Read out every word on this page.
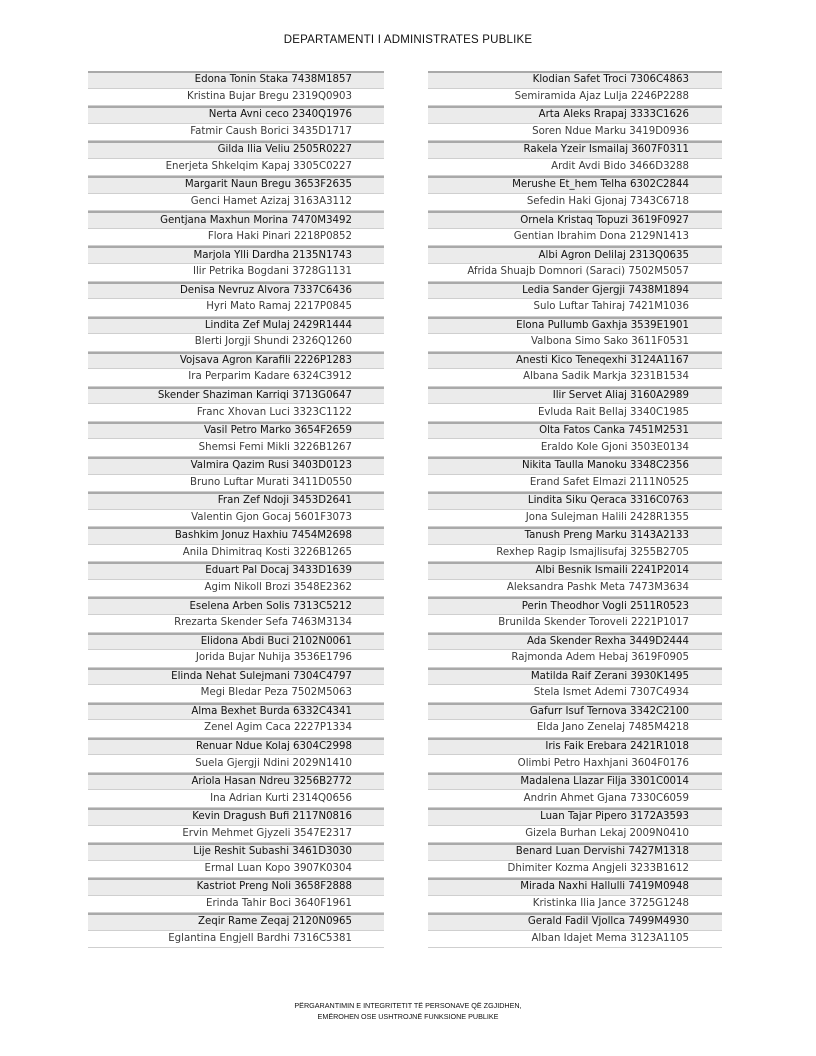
DEPARTAMENTI I ADMINISTRATES PUBLIKE
Edona Tonin Staka 7438M1857
Kristina Bujar Bregu 2319Q0903
Nerta Avni ceco 2340Q1976
Fatmir Caush Borici 3435D1717
Gilda Ilia Veliu 2505R0227
Enerjeta Shkelqim Kapaj 3305C0227
Margarit Naun Bregu 3653F2635
Genci Hamet Azizaj 3163A3112
Gentjana Maxhun Morina 7470M3492
Flora Haki Pinari 2218P0852
Marjola Ylli Dardha 2135N1743
Ilir Petrika Bogdani 3728G1131
Denisa Nevruz Alvora 7337C6436
Hyri Mato Ramaj 2217P0845
Lindita Zef Mulaj 2429R1444
Blerti Jorgji Shundi 2326Q1260
Vojsava Agron Karafili 2226P1283
Ira Perparim Kadare 6324C3912
Skender Shaziman Karriqi 3713G0647
Franc Xhovan Luci 3323C1122
Vasil Petro Marko 3654F2659
Shemsi Femi Mikli 3226B1267
Valmira Qazim Rusi 3403D0123
Bruno Luftar Murati 3411D0550
Fran Zef Ndoji 3453D2641
Valentin Gjon Gocaj 5601F3073
Bashkim Jonuz Haxhiu 7454M2698
Anila Dhimitraq Kosti 3226B1265
Eduart Pal Docaj 3433D1639
Agim Nikoll Brozi 3548E2362
Eselena Arben Solis 7313C5212
Rrezarta Skender Sefa 7463M3134
Elidona Abdi Buci 2102N0061
Jorida Bujar Nuhija 3536E1796
Elinda Nehat Sulejmani 7304C4797
Megi Bledar Peza 7502M5063
Alma Bexhet Burda 6332C4341
Zenel Agim Caca 2227P1334
Renuar Ndue Kolaj 6304C2998
Suela Gjergji Ndini 2029N1410
Ariola Hasan Ndreu 3256B2772
Ina Adrian Kurti 2314Q0656
Kevin Dragush Bufi 2117N0816
Ervin Mehmet Gjyzeli 3547E2317
Lije Reshit Subashi 3461D3030
Ermal Luan Kopo 3907K0304
Kastriot Preng Noli 3658F2888
Erinda Tahir Boci 3640F1961
Zeqir Rame Zeqaj 2120N0965
Eglantina Engjell Bardhi 7316C5381
Klodian Safet Troci 7306C4863
Semiramida Ajaz Lulja 2246P2288
Arta Aleks Rrapaj 3333C1626
Soren Ndue Marku 3419D0936
Rakela Yzeir Ismailaj 3607F0311
Ardit Avdi Bido 3466D3288
Merushe Et_hem Telha 6302C2844
Sefedin Haki Gjonaj 7343C6718
Ornela Kristaq Topuzi 3619F0927
Gentian Ibrahim Dona 2129N1413
Albi Agron Delilaj 2313Q0635
Afrida Shuajb Domnori (Saraci) 7502M5057
Ledia Sander Gjergji 7438M1894
Sulo Luftar Tahiraj 7421M1036
Elona Pullumb Gaxhja 3539E1901
Valbona Simo Sako 3611F0531
Anesti Kico Teneqexhi 3124A1167
Albana Sadik Markja 3231B1534
Ilir Servet Aliaj 3160A2989
Evluda Rait Bellaj 3340C1985
Olta Fatos Canka 7451M2531
Eraldo Kole Gjoni 3503E0134
Nikita Taulla Manoku 3348C2356
Erand Safet Elmazi 2111N0525
Lindita Siku Qeraca 3316C0763
Jona Sulejman Halili 2428R1355
Tanush Preng Marku 3143A2133
Rexhep Ragip Ismajlisufaj 3255B2705
Albi Besnik Ismaili 2241P2014
Aleksandra Pashk Meta 7473M3634
Perin Theodhor Vogli 2511R0523
Brunilda Skender Toroveli 2221P1017
Ada Skender Rexha 3449D2444
Rajmonda Adem Hebaj 3619F0905
Matilda Raif Zerani 3930K1495
Stela Ismet Ademi 7307C4934
Gafurr Isuf Ternova 3342C2100
Elda Jano Zenelaj 7485M4218
Iris Faik Erebara 2421R1018
Olimbi Petro Haxhjani 3604F0176
Madalena Llazar Filja 3301C0014
Andrin Ahmet Gjana 7330C6059
Luan Tajar Pipero 3172A3593
Gizela Burhan Lekaj 2009N0410
Benard Luan Dervishi 7427M1318
Dhimiter Kozma Angjeli 3233B1612
Mirada Naxhi Hallulli 7419M0948
Kristinka Ilia Jance 3725G1248
Gerald Fadil Vjollca 7499M4930
Alban Idajet Mema 3123A1105
PËRGARANTIMIN E INTEGRITETIT TË PERSONAVE QË ZGJIDHEN,
EMËROHEN OSE USHTROJNË FUNKSIONE PUBLIKE
